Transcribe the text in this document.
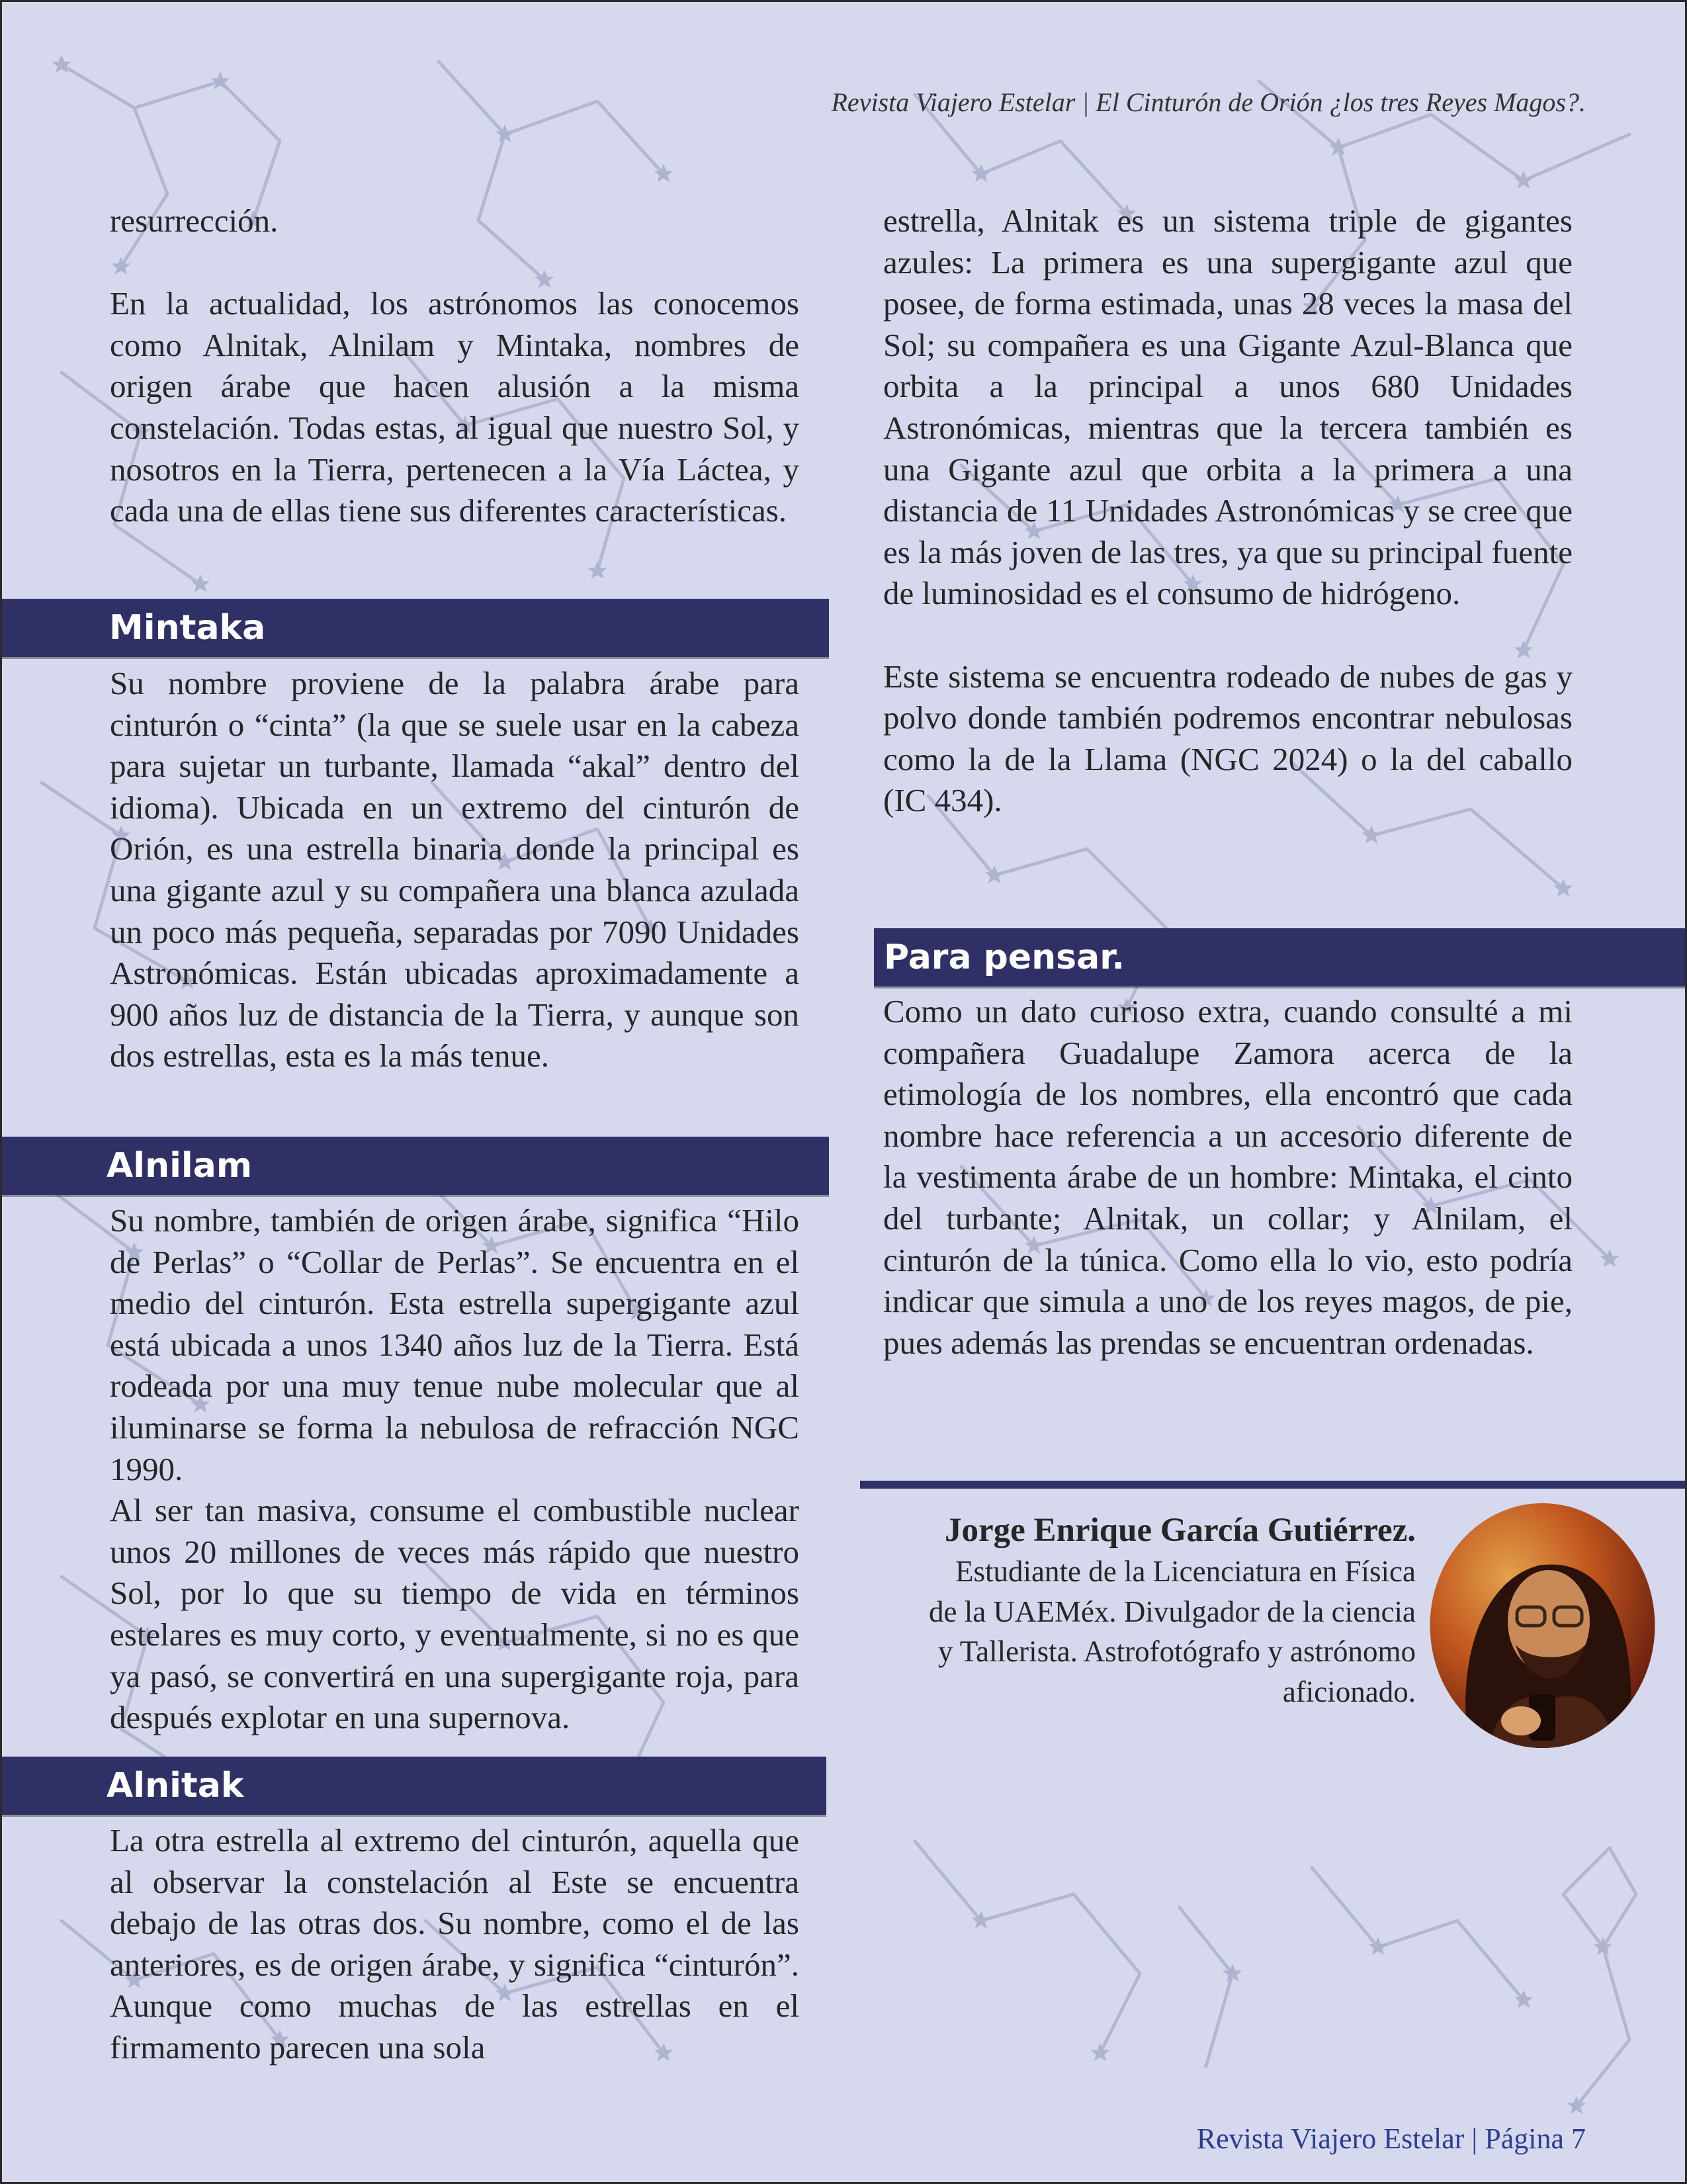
Revista Viajero Estelar | El Cinturón de Orión ¿los tres Reyes Magos?.

resurrección.

En la actualidad, los astrónomos las conocemos como Alnitak, Alnilam y Mintaka, nombres de origen árabe que hacen alusión a la misma constelación. Todas estas, al igual que nuestro Sol, y nosotros en la Tierra, pertenecen a la Vía Láctea, y cada una de ellas tiene sus diferentes características.

Mintaka

Su nombre proviene de la palabra árabe para cinturón o “cinta” (la que se suele usar en la cabeza para sujetar un turbante, llamada “akal” dentro del idioma). Ubicada en un extremo del cinturón de Orión, es una estrella binaria donde la principal es una gigante azul y su compañera una blanca azulada un poco más pequeña, separadas por 7090 Unidades Astronómicas. Están ubicadas aproximadamente a 900 años luz de distancia de la Tierra, y aunque son dos estrellas, esta es la más tenue.

Alnilam

Su nombre, también de origen árabe, significa “Hilo de Perlas” o “Collar de Perlas”. Se encuentra en el medio del cinturón. Esta estrella supergigante azul está ubicada a unos 1340 años luz de la Tierra. Está rodeada por una muy tenue nube molecular que al iluminarse se forma la nebulosa de refracción NGC 1990.

Al ser tan masiva, consume el combustible nuclear unos 20 millones de veces más rápido que nuestro Sol, por lo que su tiempo de vida en términos estelares es muy corto, y eventualmente, si no es que ya pasó, se convertirá en una supergigante roja, para después explotar en una supernova.

Alnitak

La otra estrella al extremo del cinturón, aquella que al observar la constelación al Este se encuentra debajo de las otras dos. Su nombre, como el de las anteriores, es de origen árabe, y significa “cinturón”. Aunque como muchas de las estrellas en el firmamento parecen una sola

estrella, Alnitak es un sistema triple de gigantes azules: La primera es una supergigante azul que posee, de forma estimada, unas 28 veces la masa del Sol; su compañera es una Gigante Azul-Blanca que orbita a la principal a unos 680 Unidades Astronómicas, mientras que la tercera también es una Gigante azul que orbita a la primera a una distancia de 11 Unidades Astronómicas y se cree que es la más joven de las tres, ya que su principal fuente de luminosidad es el consumo de hidrógeno.

Este sistema se encuentra rodeado de nubes de gas y polvo donde también podremos encontrar nebulosas como la de la Llama (NGC 2024) o la del caballo (IC 434).

Para pensar.

Como un dato curioso extra, cuando consulté a mi compañera Guadalupe Zamora acerca de la etimología de los nombres, ella encontró que cada nombre hace referencia a un accesorio diferente de la vestimenta árabe de un hombre: Mintaka, el cinto del turbante; Alnitak, un collar; y Alnilam, el cinturón de la túnica. Como ella lo vio, esto podría indicar que simula a uno de los reyes magos, de pie, pues además las prendas se encuentran ordenadas.

Jorge Enrique García Gutiérrez.

Estudiante de la Licenciatura en Física

de la UAEMéx. Divulgador de la ciencia

y Tallerista. Astrofotógrafo y astrónomo

aficionado.

Revista Viajero Estelar | Página 7
